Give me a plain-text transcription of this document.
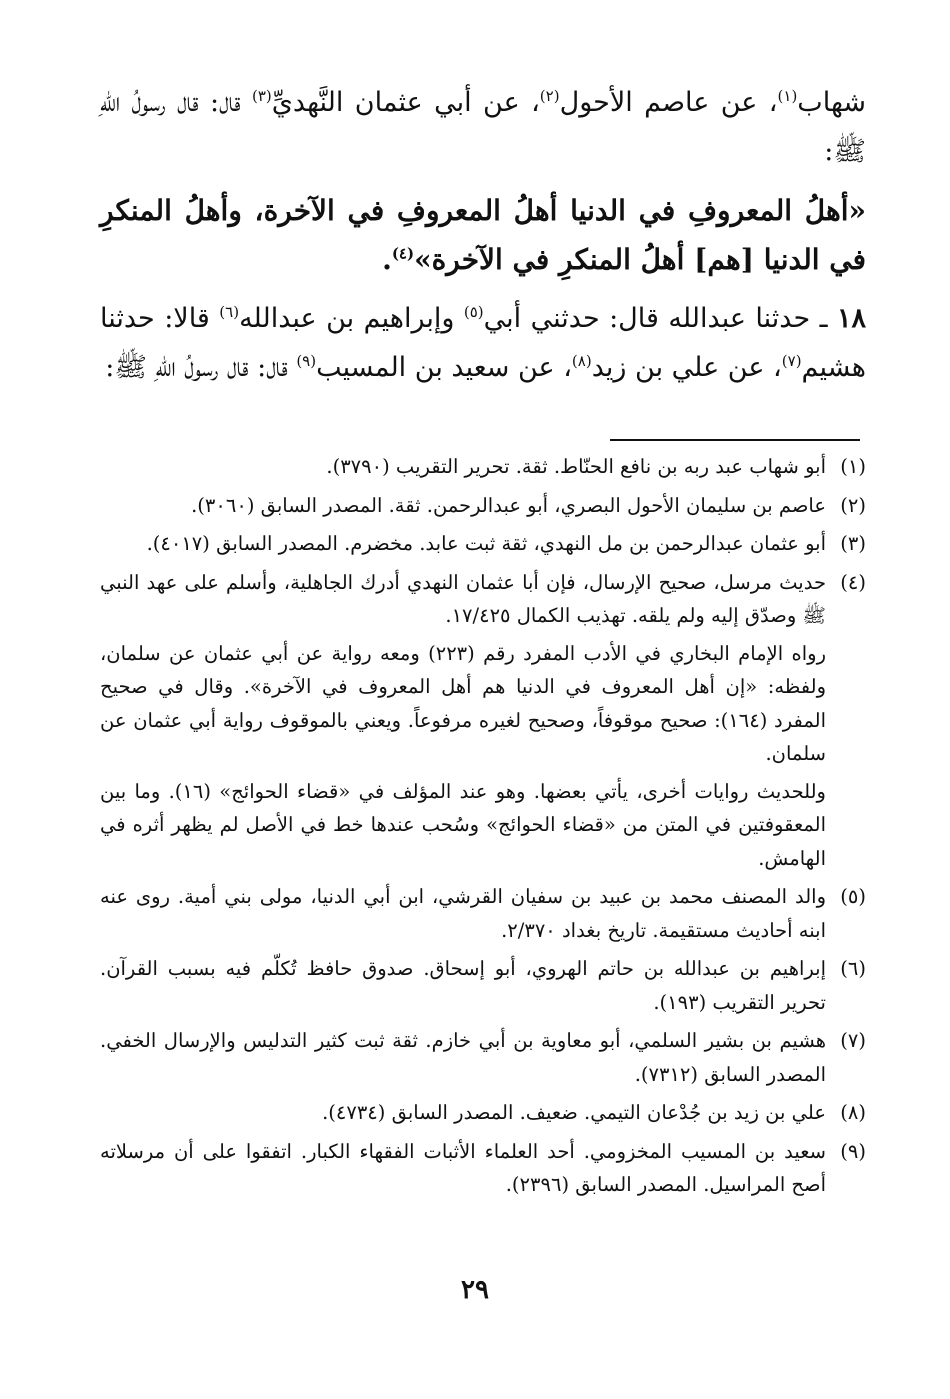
شهاب$^{(١)}$، عن عاصم الأحول$^{(٢)}$، عن أبي عثمان النَّهديِّ$^{(٣)}$ قال: قال رسولُ اللّهِ ﷺ:

«أهلُ المعروفِ في الدنيا أهلُ المعروفِ في الآخرة، وأهلُ المنكرِ في الدنيا [هم] أهلُ المنكرِ في الآخرة»$^{(٤)}$.

١٨ ـ حدثنا عبدالله قال: حدثني أبي$^{(٥)}$ وإبراهيم بن عبدالله$^{(٦)}$ قالا: حدثنا هشيم$^{(٧)}$، عن علي بن زيد$^{(٨)}$، عن سعيد بن المسيب$^{(٩)}$ قال: قال رسولُ اللّهِ ﷺ:

(١)

أبو شهاب عبد ربه بن نافع الحنّاط. ثقة. تحرير التقريب (٣٧٩٠).

(٢)

عاصم بن سليمان الأحول البصري، أبو عبدالرحمن. ثقة. المصدر السابق (٣٠٦٠).

(٣)

أبو عثمان عبدالرحمن بن مل النهدي، ثقة ثبت عابد. مخضرم. المصدر السابق (٤٠١٧).

(٤)

حديث مرسل، صحيح الإرسال، فإن أبا عثمان النهدي أدرك الجاهلية، وأسلم على عهد النبي ﷺ وصدّق إليه ولم يلقه. تهذيب الكمال ١٧/٤٢٥.

رواه الإمام البخاري في الأدب المفرد رقم (٢٢٣) ومعه رواية عن أبي عثمان عن سلمان، ولفظه: «إن أهل المعروف في الدنيا هم أهل المعروف في الآخرة». وقال في صحيح المفرد (١٦٤): صحيح موقوفاً، وصحيح لغيره مرفوعاً. ويعني بالموقوف رواية أبي عثمان عن سلمان.

وللحديث روايات أخرى، يأتي بعضها. وهو عند المؤلف في «قضاء الحوائج» (١٦). وما بين المعقوفتين في المتن من «قضاء الحوائج» وسُحب عندها خط في الأصل لم يظهر أثره في الهامش.

(٥)

والد المصنف محمد بن عبيد بن سفيان القرشي، ابن أبي الدنيا، مولى بني أمية. روى عنه ابنه أحاديث مستقيمة. تاريخ بغداد ٢/٣٧٠.

(٦)

إبراهيم بن عبدالله بن حاتم الهروي، أبو إسحاق. صدوق حافظ تُكلّم فيه بسبب القرآن. تحرير التقريب (١٩٣).

(٧)

هشيم بن بشير السلمي، أبو معاوية بن أبي خازم. ثقة ثبت كثير التدليس والإرسال الخفي. المصدر السابق (٧٣١٢).

(٨)

علي بن زيد بن جُدْعان التيمي. ضعيف. المصدر السابق (٤٧٣٤).

(٩)

سعيد بن المسيب المخزومي. أحد العلماء الأثبات الفقهاء الكبار. اتفقوا على أن مرسلاته أصح المراسيل. المصدر السابق (٢٣٩٦).

٢٩
